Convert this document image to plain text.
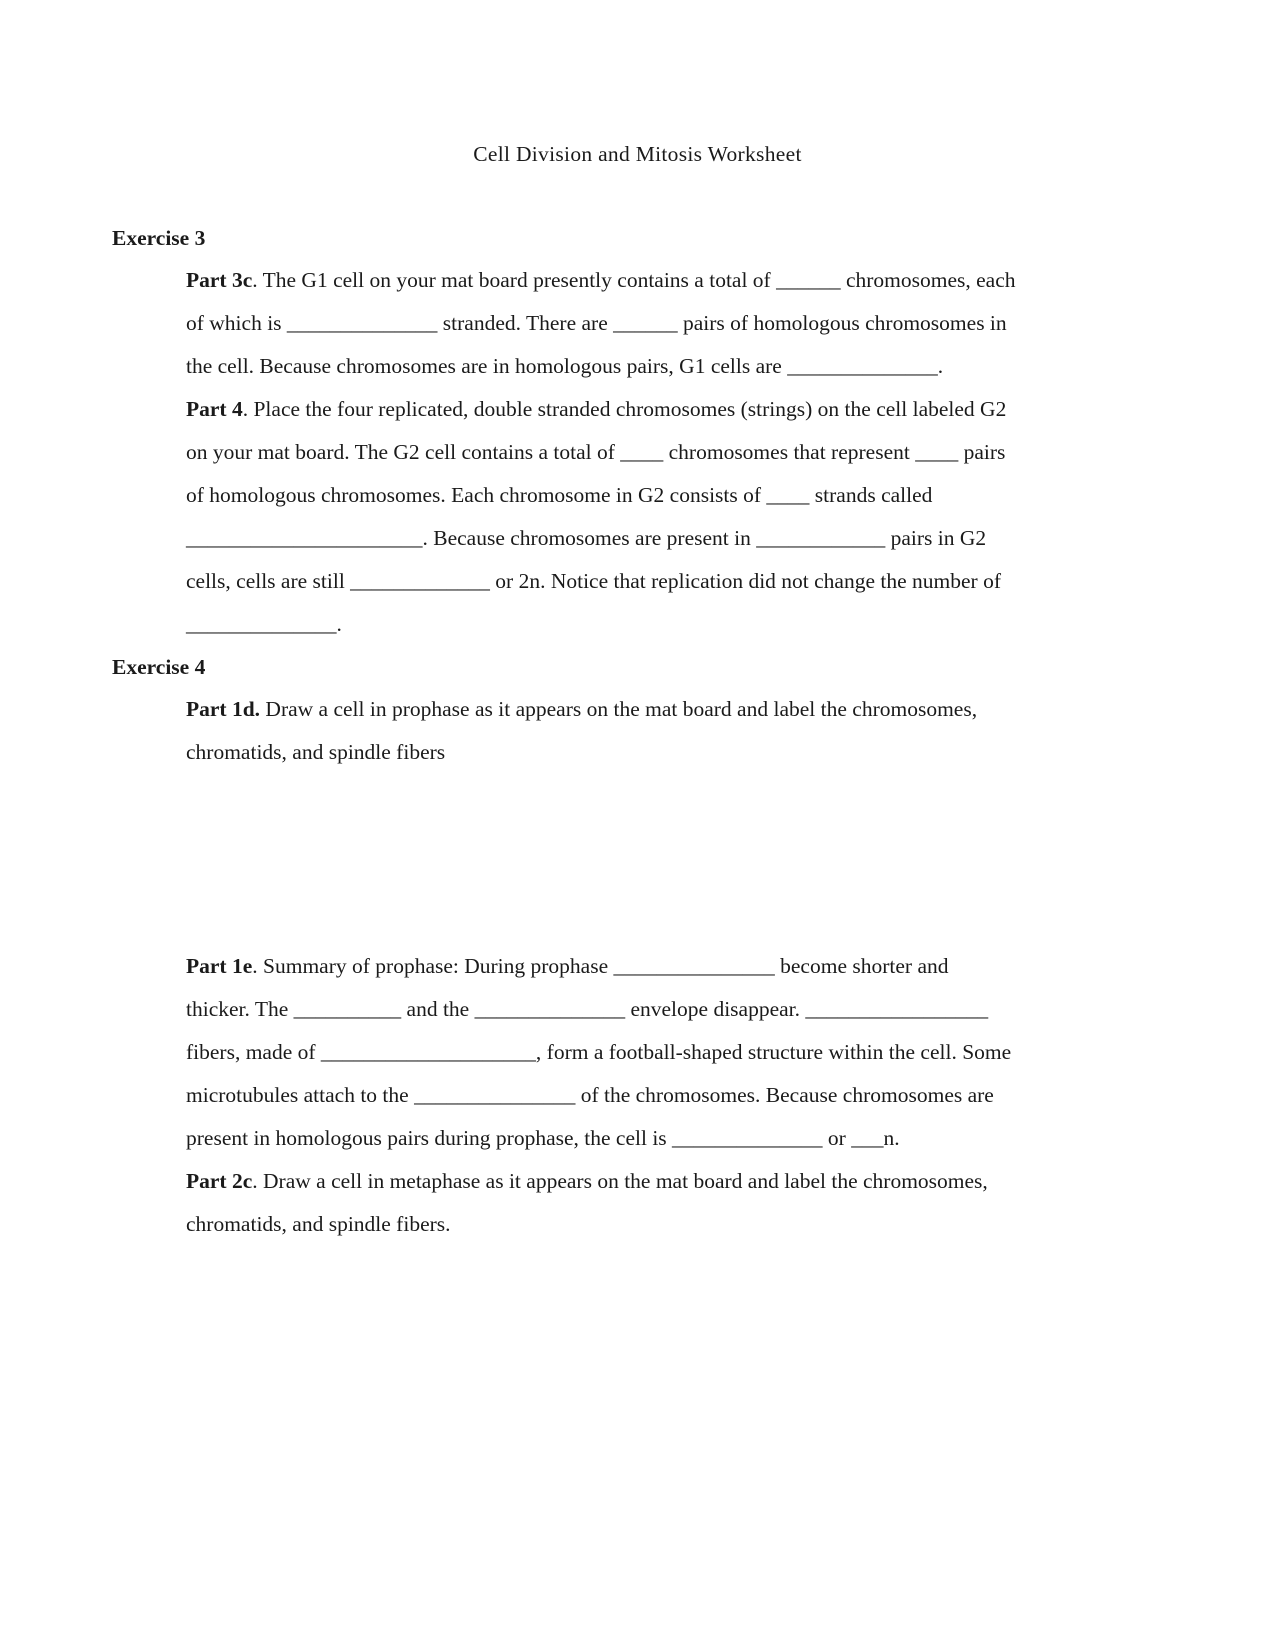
Cell Division and Mitosis Worksheet
Exercise 3
Part 3c. The G1 cell on your mat board presently contains a total of ______ chromosomes, each
of which is ______________ stranded. There are ______ pairs of homologous chromosomes in
the cell. Because chromosomes are in homologous pairs, G1 cells are ______________.
Part 4. Place the four replicated, double stranded chromosomes (strings) on the cell labeled G2
on your mat board. The G2 cell contains a total of ____ chromosomes that represent ____ pairs
of homologous chromosomes. Each chromosome in G2 consists of ____ strands called
______________________. Because chromosomes are present in ____________ pairs in G2
cells, cells are still _____________ or 2n. Notice that replication did not change the number of
______________.
Exercise 4
Part 1d. Draw a cell in prophase as it appears on the mat board and label the chromosomes,
chromatids, and spindle fibers
Part 1e. Summary of prophase: During prophase _______________ become shorter and
thicker. The __________ and the ______________ envelope disappear. _________________
fibers, made of ____________________, form a football-shaped structure within the cell. Some
microtubules attach to the _______________ of the chromosomes. Because chromosomes are
present in homologous pairs during prophase, the cell is ______________ or ___n.
Part 2c. Draw a cell in metaphase as it appears on the mat board and label the chromosomes,
chromatids, and spindle fibers.
